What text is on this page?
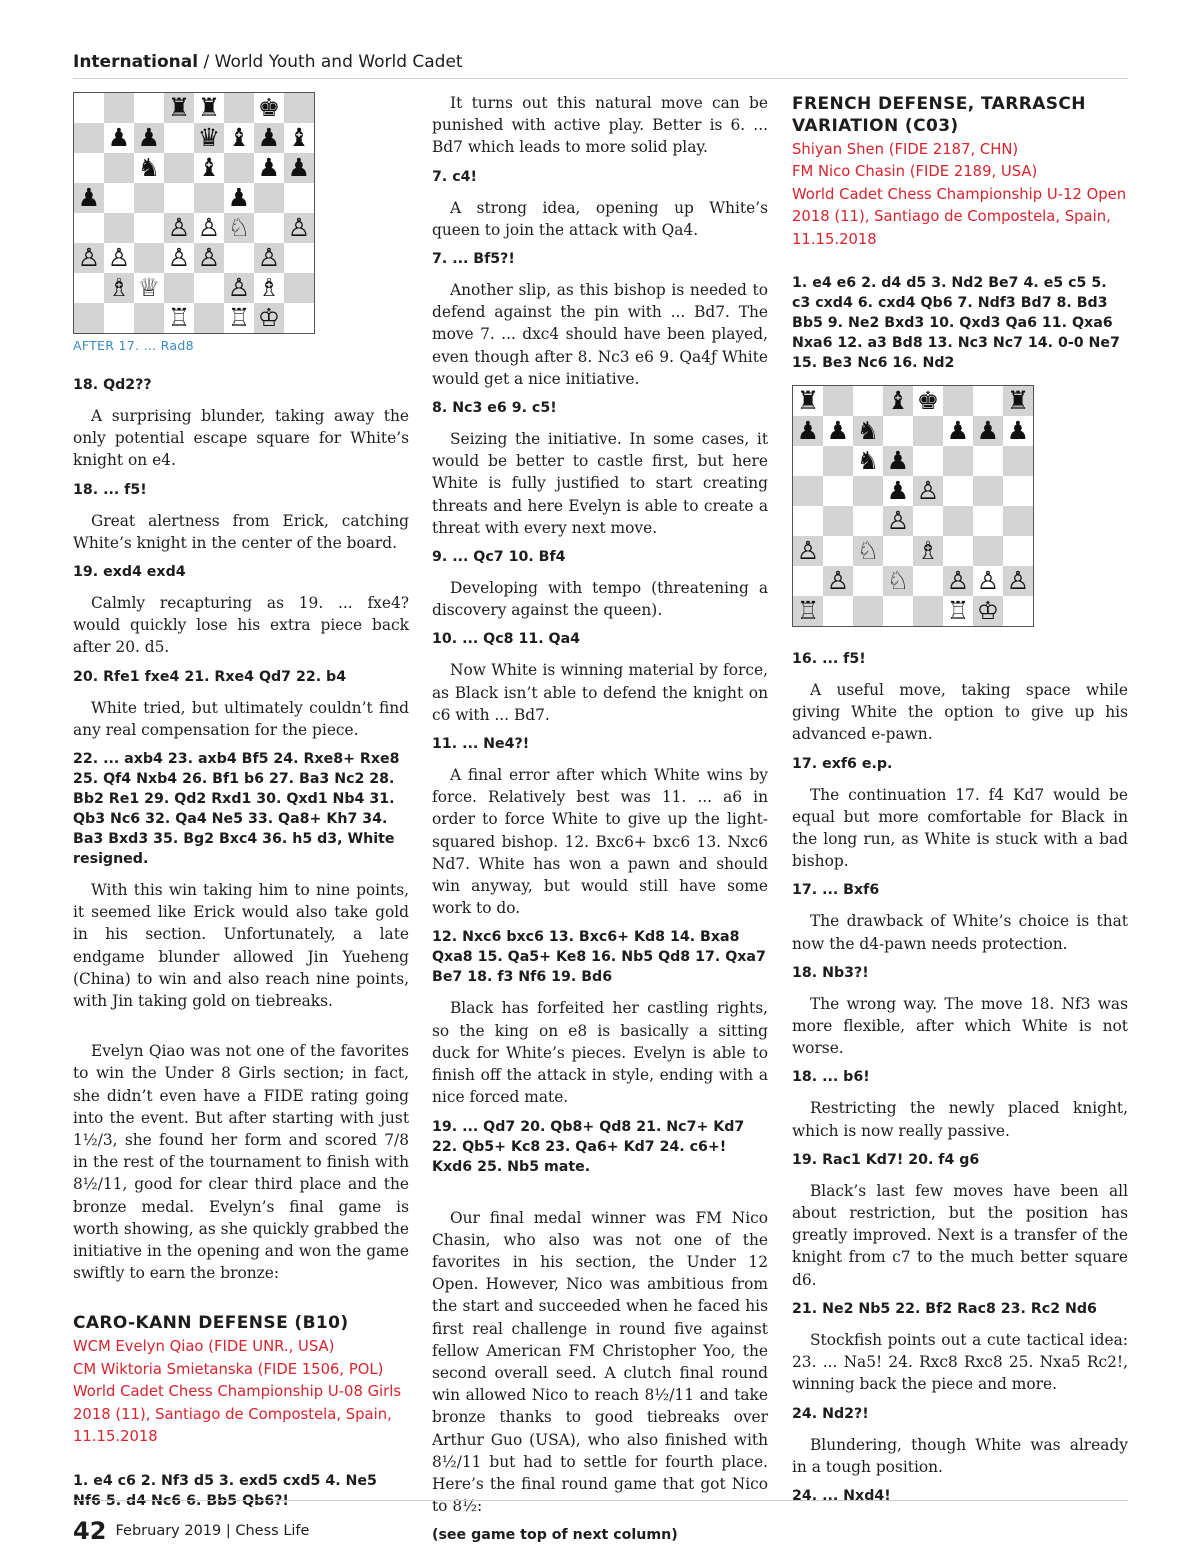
International / World Youth and World Cadet
♜ ♜ ♚
♟ ♟ ♛ ♝ ♟ ♝
♞ ♝ ♟ ♟
♟	♟
♙ ♙ ♘ ♙
♙ ♙ ♙ ♙ ♙
♗ ♕	♙ ♗
♖ ♖ ♔
AFTER 17. ... Rad8
18. Qd2??

A surprising blunder, taking away the only potential escape square for White’s knight on e4.

18. ... f5!

Great alertness from Erick, catching White’s knight in the center of the board.

19. exd4 exd4

Calmly recapturing as 19. ... fxe4? would quickly lose his extra piece back after 20. d5.

20. Rfe1 fxe4 21. Rxe4 Qd7 22. b4

White tried, but ultimately couldn’t find any real compensation for the piece.

22. ... axb4 23. axb4 Bf5 24. Rxe8+ Rxe8 25. Qf4 Nxb4 26. Bf1 b6 27. Ba3 Nc2 28. Bb2 Re1 29. Qd2 Rxd1 30. Qxd1 Nb4 31. Qb3 Nc6 32. Qa4 Ne5 33. Qa8+ Kh7 34. Ba3 Bxd3 35. Bg2 Bxc4 36. h5 d3, White resigned.

With this win taking him to nine points, it seemed like Erick would also take gold in his section. Unfortunately, a late endgame blunder allowed Jin Yueheng (China) to win and also reach nine points, with Jin taking gold on tiebreaks.

Evelyn Qiao was not one of the favorites to win the Under 8 Girls section; in fact, she didn’t even have a FIDE rating going into the event. But after starting with just 1½/3, she found her form and scored 7/8 in the rest of the tournament to finish with 8½/11, good for clear third place and the bronze medal. Evelyn’s final game is worth showing, as she quickly grabbed the initiative in the opening and won the game swiftly to earn the bronze:

CARO-KANN DEFENSE (B10)
WCM Evelyn Qiao (FIDE UNR., USA)
CM Wiktoria Smietanska (FIDE 1506, POL)
World Cadet Chess Championship U-08 Girls 2018 (11), Santiago de Compostela, Spain, 11.15.2018
1. e4 c6 2. Nf3 d5 3. exd5 cxd5 4. Ne5 Nf6 5. d4 Nc6 6. Bb5 Qb6?!

It turns out this natural move can be punished with active play. Better is 6. ... Bd7 which leads to more solid play.

7. c4!

A strong idea, opening up White’s queen to join the attack with Qa4.

7. ... Bf5?!

Another slip, as this bishop is needed to defend against the pin with ... Bd7. The move 7. ... dxc4 should have been played, even though after 8. Nc3 e6 9. Qa4ƒ White would get a nice initiative.

8. Nc3 e6 9. c5!

Seizing the initiative. In some cases, it would be better to castle first, but here White is fully justified to start creating threats and here Evelyn is able to create a threat with every next move.

9. ... Qc7 10. Bf4

Developing with tempo (threatening a discovery against the queen).

10. ... Qc8 11. Qa4

Now White is winning material by force, as Black isn’t able to defend the knight on c6 with ... Bd7.

11. ... Ne4?!

A final error after which White wins by force. Relatively best was 11. ... a6 in order to force White to give up the light-squared bishop. 12. Bxc6+ bxc6 13. Nxc6 Nd7. White has won a pawn and should win anyway, but would still have some work to do.

12. Nxc6 bxc6 13. Bxc6+ Kd8 14. Bxa8 Qxa8 15. Qa5+ Ke8 16. Nb5 Qd8 17. Qxa7 Be7 18. f3 Nf6 19. Bd6

Black has forfeited her castling rights, so the king on e8 is basically a sitting duck for White’s pieces. Evelyn is able to finish off the attack in style, ending with a nice forced mate.

19. ... Qd7 20. Qb8+ Qd8 21. Nc7+ Kd7 22. Qb5+ Kc8 23. Qa6+ Kd7 24. c6+! Kxd6 25. Nb5 mate.

Our final medal winner was FM Nico Chasin, who also was not one of the favorites in his section, the Under 12 Open. However, Nico was ambitious from the start and succeeded when he faced his first real challenge in round five against fellow American FM Christopher Yoo, the second overall seed. A clutch final round win allowed Nico to reach 8½/11 and take bronze thanks to good tiebreaks over Arthur Guo (USA), who also finished with 8½/11 but had to settle for fourth place. Here’s the final round game that got Nico to 8½:

(see game top of next column)
FRENCH DEFENSE, TARRASCH VARIATION (C03)
Shiyan Shen (FIDE 2187, CHN)
FM Nico Chasin (FIDE 2189, USA)
World Cadet Chess Championship U-12 Open 2018 (11), Santiago de Compostela, Spain, 11.15.2018
1. e4 e6 2. d4 d5 3. Nd2 Be7 4. e5 c5 5. c3 cxd4 6. cxd4 Qb6 7. Ndf3 Bd7 8. Bd3 Bb5 9. Ne2 Bxd3 10. Qxd3 Qa6 11. Qxa6 Nxa6 12. a3 Bd8 13. Nc3 Nc7 14. 0-0 Ne7 15. Be3 Nc6 16. Nd2
♜	♝ ♚	♜
♟ ♟ ♞	♟ ♟ ♟
♞ ♟
♟ ♙
♙
♙ ♘ ♗
♙ ♘ ♙ ♙ ♙
♖	♖ ♔
16. ... f5!

A useful move, taking space while giving White the option to give up his advanced e-pawn.

17. exf6 e.p.

The continuation 17. f4 Kd7 would be equal but more comfortable for Black in the long run, as White is stuck with a bad bishop.

17. ... Bxf6

The drawback of White’s choice is that now the d4-pawn needs protection.

18. Nb3?!

The wrong way. The move 18. Nf3 was more flexible, after which White is not worse.

18. ... b6!

Restricting the newly placed knight, which is now really passive.

19. Rac1 Kd7! 20. f4 g6

Black’s last few moves have been all about restriction, but the position has greatly improved. Next is a transfer of the knight from c7 to the much better square d6.

21. Ne2 Nb5 22. Bf2 Rac8 23. Rc2 Nd6

Stockfish points out a cute tactical idea: 23. ... Na5! 24. Rxc8 Rxc8 25. Nxa5 Rc2!, winning back the piece and more.

24. Nd2?!

Blundering, though White was already in a tough position.

24. ... Nxd4!
42 February 2019 | Chess Life
